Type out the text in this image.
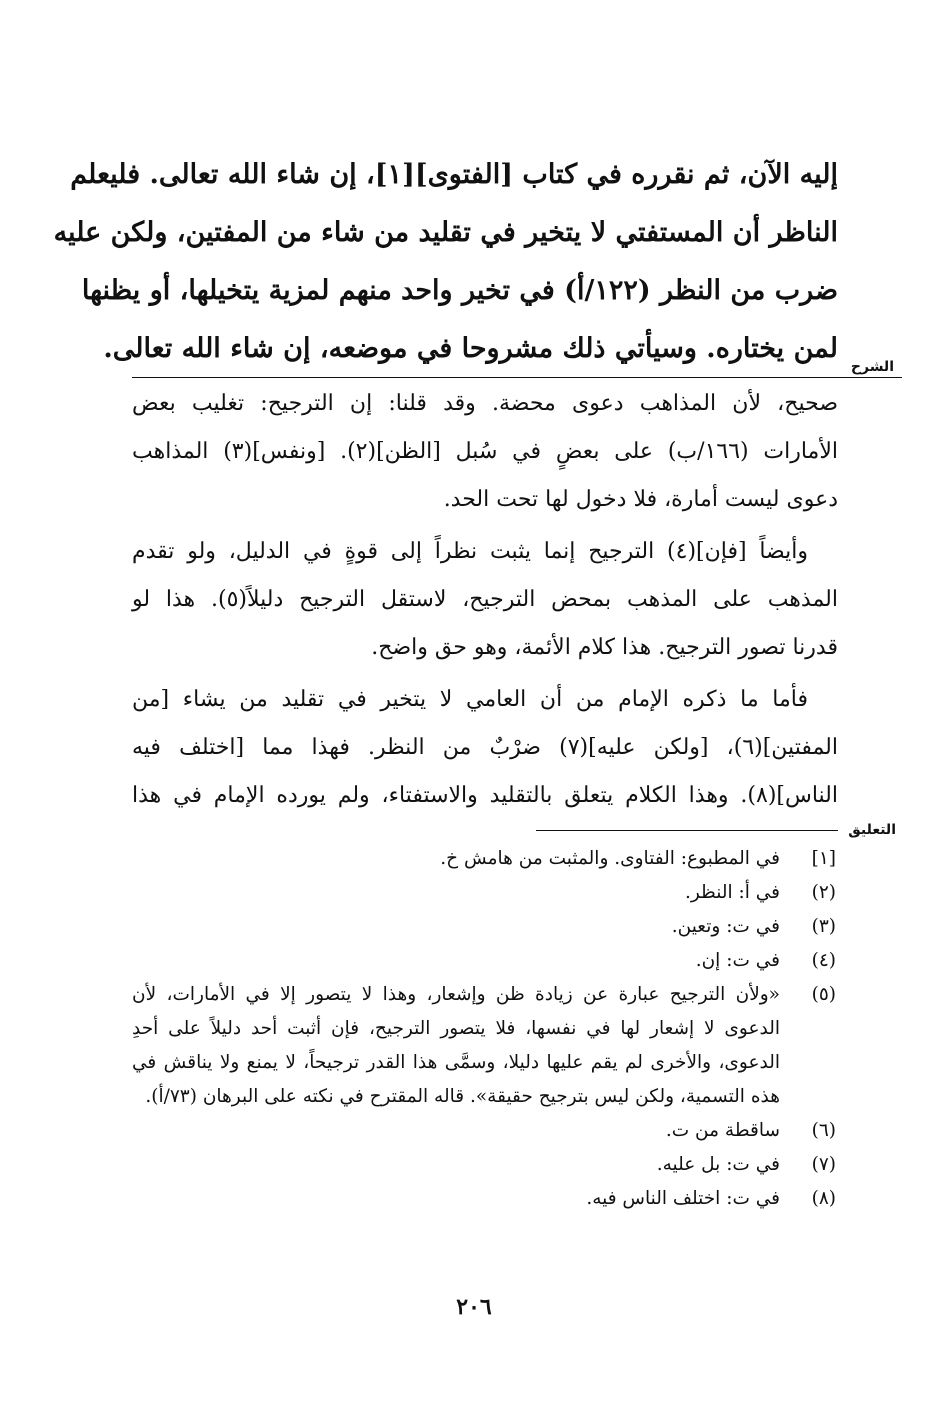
إليه الآن، ثم نقرره في كتاب [الفتوى][١]، إن شاء الله تعالى. فليعلم
الناظر أن المستفتي لا يتخير في تقليد من شاء من المفتين، ولكن عليه
ضرب من النظر (١٢٢/أ) في تخير واحد منهم لمزية يتخيلها، أو يظنها
لمن يختاره. وسيأتي ذلك مشروحا في موضعه، إن شاء الله تعالى.
الشرح
صحيح، لأن المذاهب دعوى محضة. وقد قلنا: إن الترجيح: تغليب بعض
الأمارات (١٦٦/ب) على بعضٍ في سُبل [الظن](٢). [ونفس](٣) المذاهب
دعوى ليست أمارة، فلا دخول لها تحت الحد.
وأيضاً [فإن](٤) الترجيح إنما يثبت نظراً إلى قوةٍ في الدليل، ولو تقدم
المذهب على المذهب بمحض الترجيح، لاستقل الترجيح دليلاً(٥). هذا لو
قدرنا تصور الترجيح. هذا كلام الأئمة، وهو حق واضح.
فأما ما ذكره الإمام من أن العامي لا يتخير في تقليد من يشاء [من
المفتين](٦)، [ولكن عليه](٧) ضرْبٌ من النظر. فهذا مما [اختلف فيه
الناس](٨). وهذا الكلام يتعلق بالتقليد والاستفتاء، ولم يورده الإمام في هذا
التعليق
[١]
في المطبوع: الفتاوى. والمثبت من هامش خ.
(٢)
في أ: النظر.
(٣)
في ت: وتعين.
(٤)
في ت: إن.
(٥)
«ولأن الترجيح عبارة عن زيادة ظن وإشعار، وهذا لا يتصور إلا في الأمارات، لأن الدعوى لا إشعار لها في نفسها، فلا يتصور الترجيح، فإن أثبت أحد دليلاً على أحدِ الدعوى، والأخرى لم يقم عليها دليلا، وسمَّى هذا القدر ترجيحاً، لا يمنع ولا يناقش في هذه التسمية، ولكن ليس بترجيح حقيقة». قاله المقترح في نكته على البرهان (٧٣/أ).
(٦)
ساقطة من ت.
(٧)
في ت: بل عليه.
(٨)
في ت: اختلف الناس فيه.
٢٠٦
